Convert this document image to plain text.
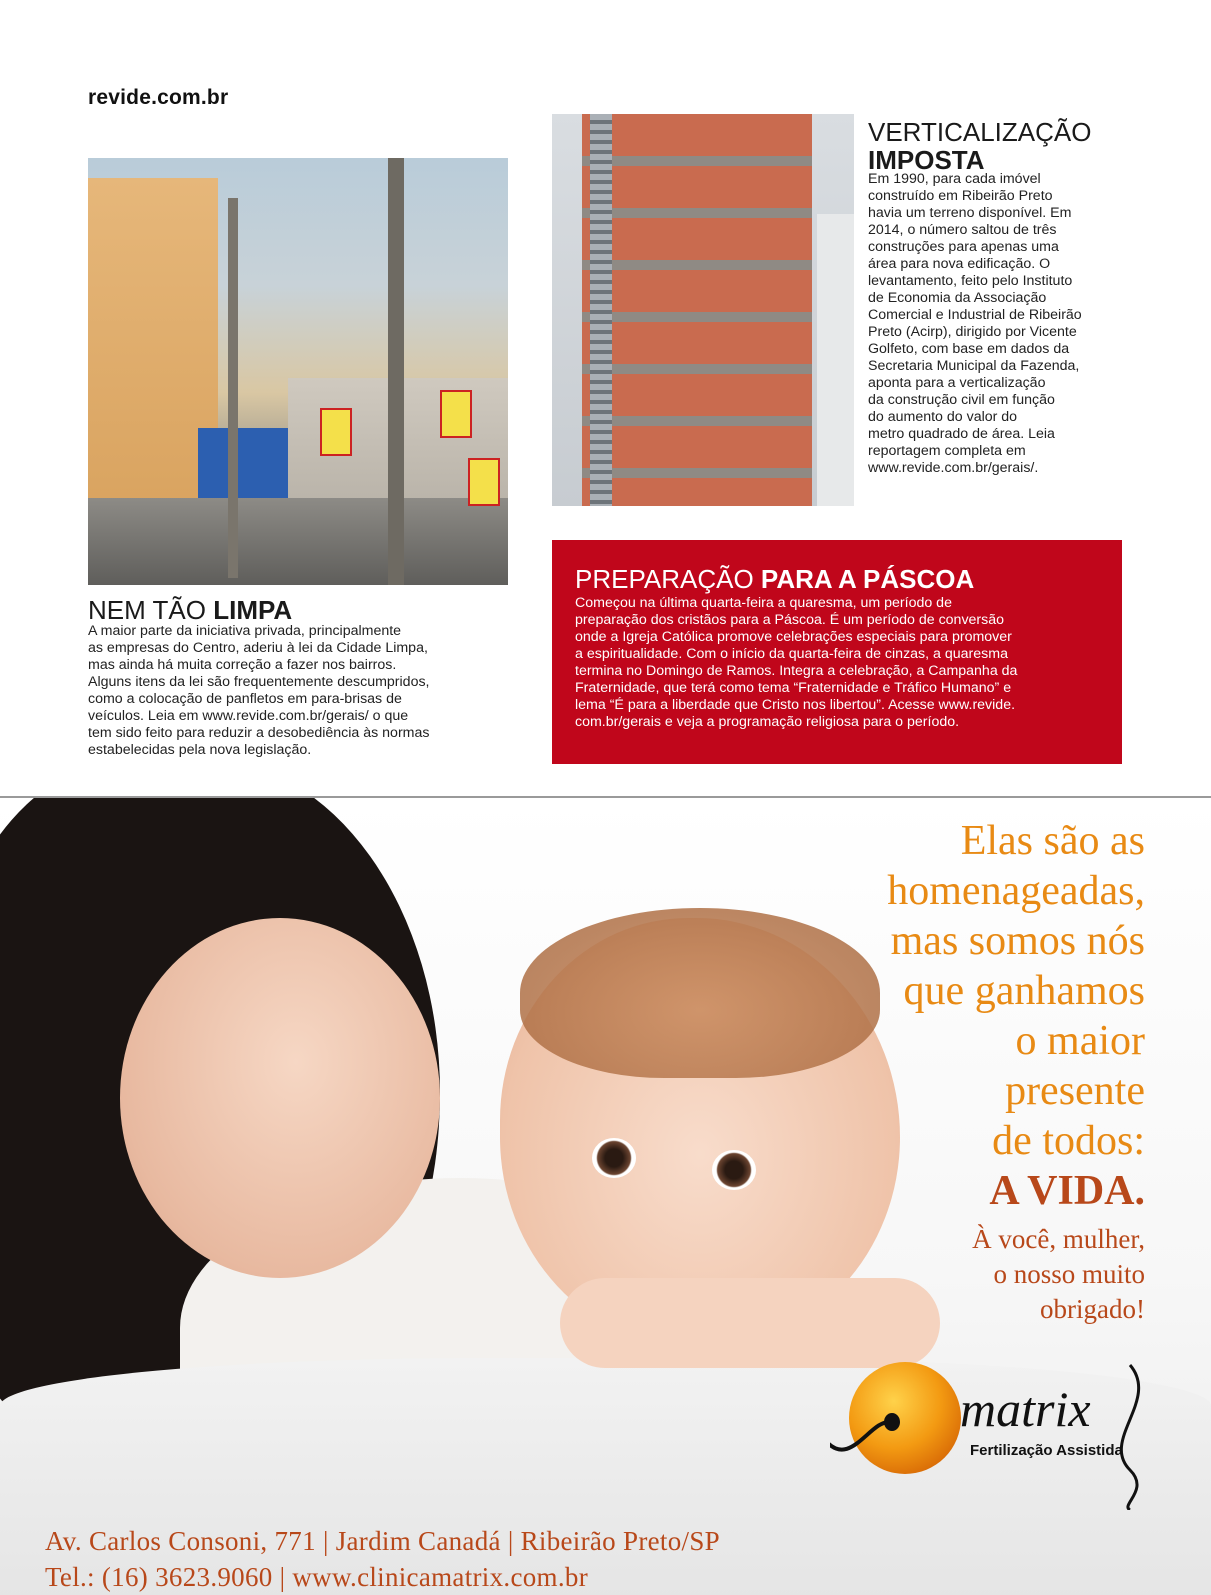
revide.com.br
VERTICALIZAÇÃO
IMPOSTA
Em 1990, para cada imóvel
construído em Ribeirão Preto
havia um terreno disponível. Em
2014, o número saltou de três
construções para apenas uma
área para nova edificação. O
levantamento, feito pelo Instituto
de Economia da Associação
Comercial e Industrial de Ribeirão
Preto (Acirp), dirigido por Vicente
Golfeto, com base em dados da
Secretaria Municipal da Fazenda,
aponta para a verticalização
da construção civil em função
do aumento do valor do
metro quadrado de área. Leia
reportagem completa em
www.revide.com.br/gerais/.
NEM TÃO LIMPA
A maior parte da iniciativa privada, principalmente
as empresas do Centro, aderiu à lei da Cidade Limpa,
mas ainda há muita correção a fazer nos bairros.
Alguns itens da lei são frequentemente descumpridos,
como a colocação de panfletos em para-brisas de
veículos. Leia em www.revide.com.br/gerais/ o que
tem sido feito para reduzir a desobediência às normas
estabelecidas pela nova legislação.
PREPARAÇÃO PARA A PÁSCOA
Começou na última quarta-feira a quaresma, um período de
preparação dos cristãos para a Páscoa. É um período de conversão
onde a Igreja Católica promove celebrações especiais para promover
a espiritualidade. Com o início da quarta-feira de cinzas, a quaresma
termina no Domingo de Ramos. Integra a celebração, a Campanha da
Fraternidade, que terá como tema “Fraternidade e Tráfico Humano” e
lema “É para a liberdade que Cristo nos libertou”. Acesse www.revide.
com.br/gerais e veja a programação religiosa para o período.
Elas são as
homenageadas,
mas somos nós
que ganhamos
o maior
presente
de todos:
A VIDA.
À você, mulher,
o nosso muito
obrigado!
matrix
Fertilização Assistida
Av. Carlos Consoni, 771 | Jardim Canadá | Ribeirão Preto/SP
Tel.: (16) 3623.9060 | www.clinicamatrix.com.br
